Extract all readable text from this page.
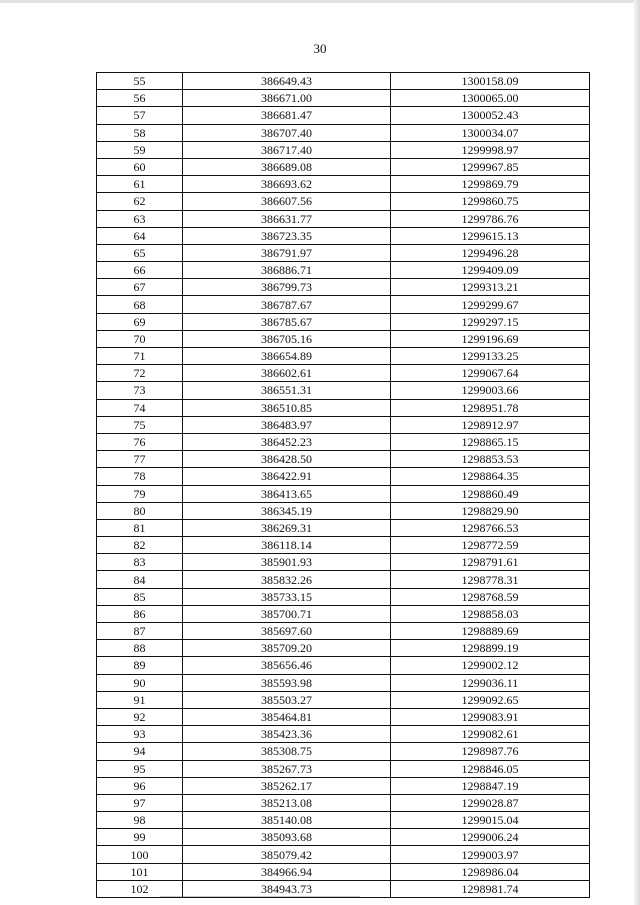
30
55	386649.43	1300158.09
56	386671.00	1300065.00
57	386681.47	1300052.43
58	386707.40	1300034.07
59	386717.40	1299998.97
60	386689.08	1299967.85
61	386693.62	1299869.79
62	386607.56	1299860.75
63	386631.77	1299786.76
64	386723.35	1299615.13
65	386791.97	1299496.28
66	386886.71	1299409.09
67	386799.73	1299313.21
68	386787.67	1299299.67
69	386785.67	1299297.15
70	386705.16	1299196.69
71	386654.89	1299133.25
72	386602.61	1299067.64
73	386551.31	1299003.66
74	386510.85	1298951.78
75	386483.97	1298912.97
76	386452.23	1298865.15
77	386428.50	1298853.53
78	386422.91	1298864.35
79	386413.65	1298860.49
80	386345.19	1298829.90
81	386269.31	1298766.53
82	386118.14	1298772.59
83	385901.93	1298791.61
84	385832.26	1298778.31
85	385733.15	1298768.59
86	385700.71	1298858.03
87	385697.60	1298889.69
88	385709.20	1298899.19
89	385656.46	1299002.12
90	385593.98	1299036.11
91	385503.27	1299092.65
92	385464.81	1299083.91
93	385423.36	1299082.61
94	385308.75	1298987.76
95	385267.73	1298846.05
96	385262.17	1298847.19
97	385213.08	1299028.87
98	385140.08	1299015.04
99	385093.68	1299006.24
100	385079.42	1299003.97
101	384966.94	1298986.04
102	384943.73	1298981.74
